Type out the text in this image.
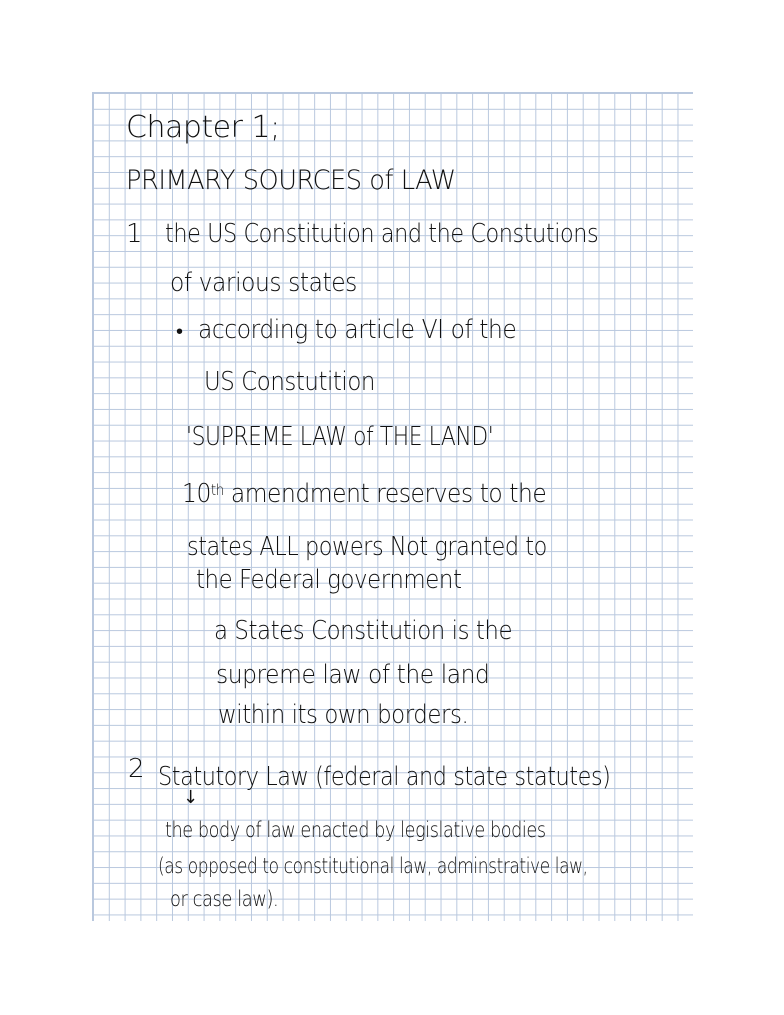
Chapter 1;
PRIMARY SOURCES of LAW
1 the US Constitution and the Constutions
of various states
• according to article VI of the
US Constutition
'SUPREME LAW of THE LAND'
10th amendment reserves to the
states ALL powers Not granted to
the Federal government
a States Constitution is the
supreme law of the land
within its own borders.
2 Statutory Law (federal and state statutes)
↓
the body of law enacted by legislative bodies
(as opposed to constitutional law, adminstrative law,
or case law).
